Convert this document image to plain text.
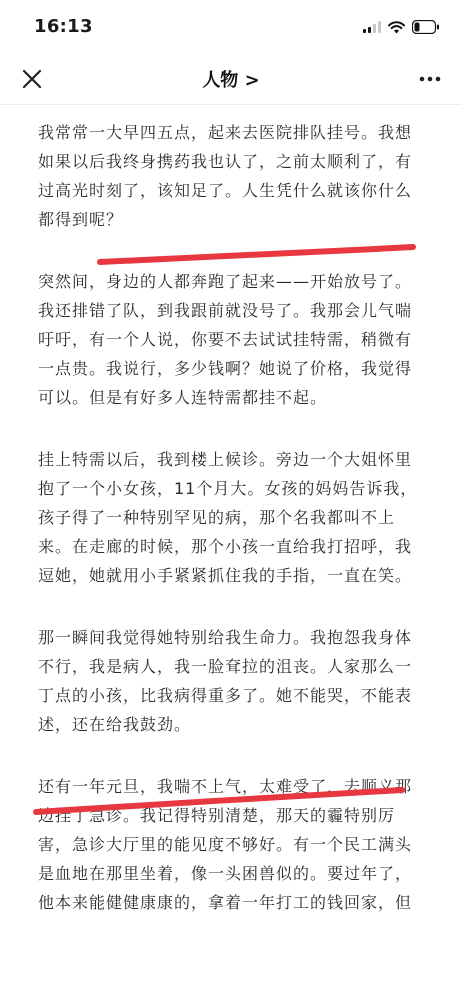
16:13
人物 >

我常常一大早四五点，起来去医院排队挂号。我想
如果以后我终身携药我也认了，之前太顺利了，有
过高光时刻了，该知足了。人生凭什么就该你什么
都得到呢？

突然间，身边的人都奔跑了起来——开始放号了。
我还排错了队，到我跟前就没号了。我那会儿气喘
吁吁，有一个人说，你要不去试试挂特需，稍微有
一点贵。我说行，多少钱啊？她说了价格，我觉得
可以。但是有好多人连特需都挂不起。

挂上特需以后，我到楼上候诊。旁边一个大姐怀里
抱了一个小女孩，11个月大。女孩的妈妈告诉我，
孩子得了一种特别罕见的病，那个名我都叫不上
来。在走廊的时候，那个小孩一直给我打招呼，我
逗她，她就用小手紧紧抓住我的手指，一直在笑。

那一瞬间我觉得她特别给我生命力。我抱怨我身体
不行，我是病人，我一脸耷拉的沮丧。人家那么一
丁点的小孩，比我病得重多了。她不能哭，不能表
述，还在给我鼓劲。

还有一年元旦，我喘不上气，太难受了，去顺义那
边挂了急诊。我记得特别清楚，那天的霾特别厉
害，急诊大厅里的能见度不够好。有一个民工满头
是血地在那里坐着，像一头困兽似的。要过年了，
他本来能健健康康的，拿着一年打工的钱回家，但
